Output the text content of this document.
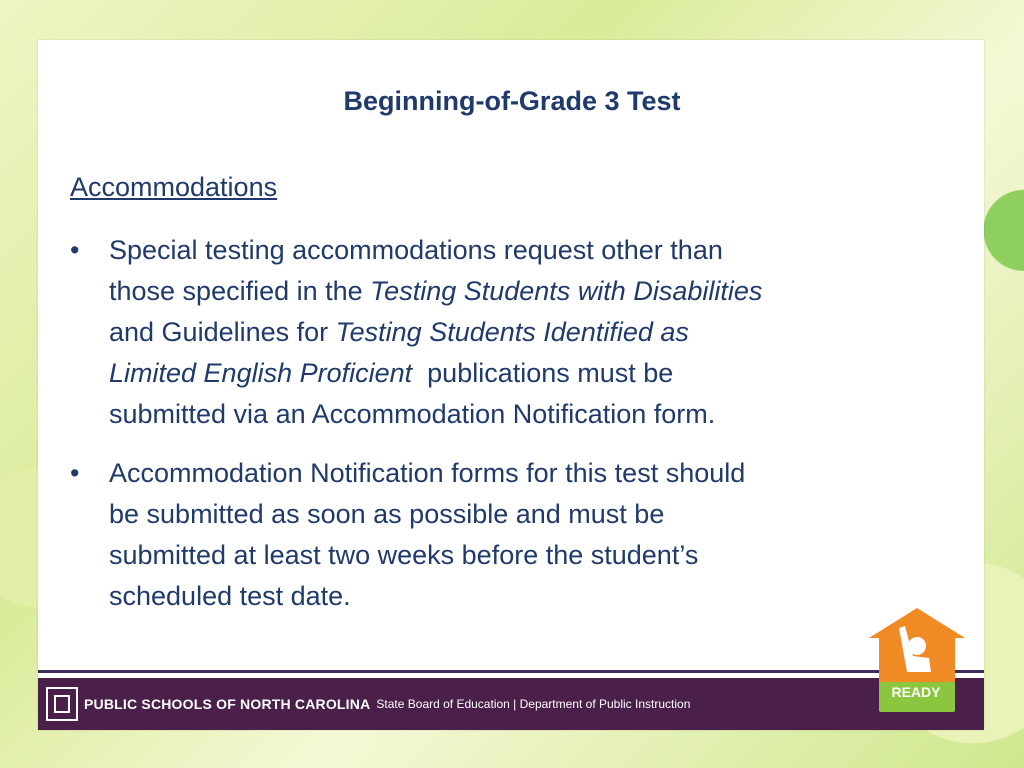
Beginning-of-Grade 3 Test
Accommodations
• Special testing accommodations request other than
those specified in the Testing Students with Disabilities
and Guidelines for Testing Students Identified as
Limited English Proficient  publications must be
submitted via an Accommodation Notification form.
• Accommodation Notification forms for this test should
be submitted as soon as possible and must be
submitted at least two weeks before the student’s
scheduled test date.
PUBLIC SCHOOLS OF NORTH CAROLINA State Board of Education | Department of Public Instruction
READY
